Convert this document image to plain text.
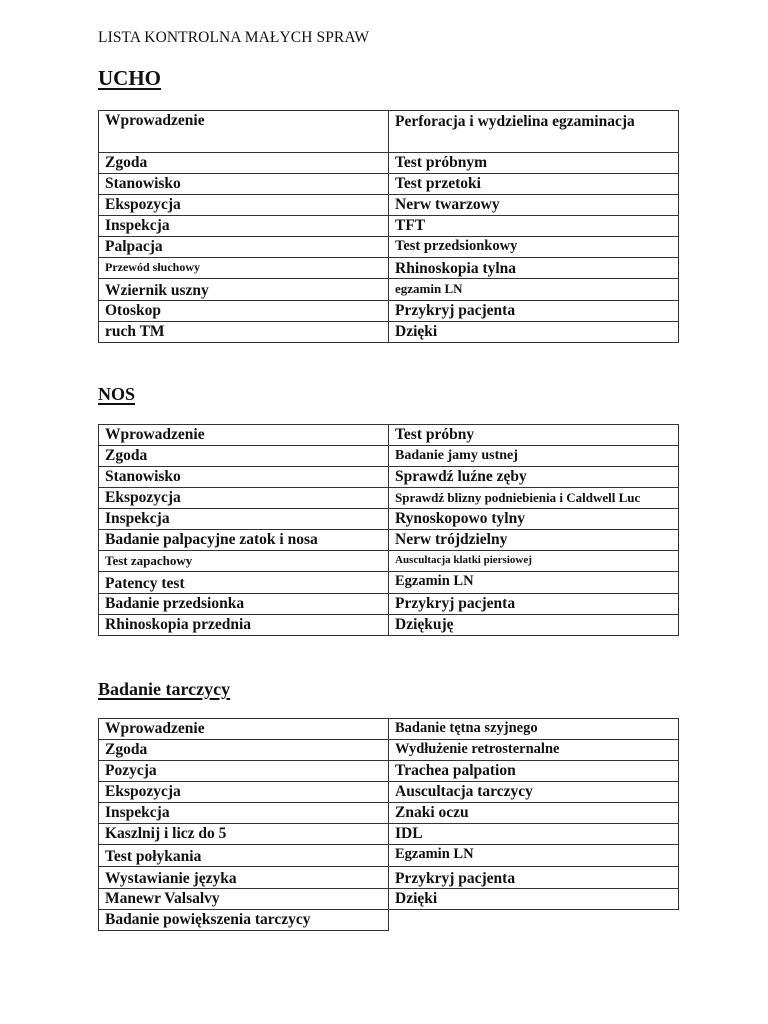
LISTA KONTROLNA MAŁYCH SPRAW
UCHO
Wprowadzenie	Perforacja i wydzielina egzaminacja
Zgoda	Test próbnym
Stanowisko	Test przetoki
Ekspozycja	Nerw twarzowy
Inspekcja	TFT
Palpacja	Test przedsionkowy
Przewód słuchowy	Rhinoskopia tylna
Wziernik uszny	egzamin LN
Otoskop	Przykryj pacjenta
ruch TM	Dzięki
NOS
Wprowadzenie	Test próbny
Zgoda	Badanie jamy ustnej
Stanowisko	Sprawdź luźne zęby
Ekspozycja	Sprawdź blizny podniebienia i Caldwell Luc
Inspekcja	Rynoskopowo tylny
Badanie palpacyjne zatok i nosa	Nerw trójdzielny
Test zapachowy	Auscultacja klatki piersiowej
Patency test	Egzamin LN
Badanie przedsionka	Przykryj pacjenta
Rhinoskopia przednia	Dziękuję
Badanie tarczycy
Wprowadzenie	Badanie tętna szyjnego
Zgoda	Wydłużenie retrosternalne
Pozycja	Trachea palpation
Ekspozycja	Auscultacja tarczycy
Inspekcja	Znaki oczu
Kaszlnij i licz do 5	IDL
Test połykania	Egzamin LN
Wystawianie języka	Przykryj pacjenta
Manewr Valsalvy	Dzięki
Badanie powiększenia tarczycy	
